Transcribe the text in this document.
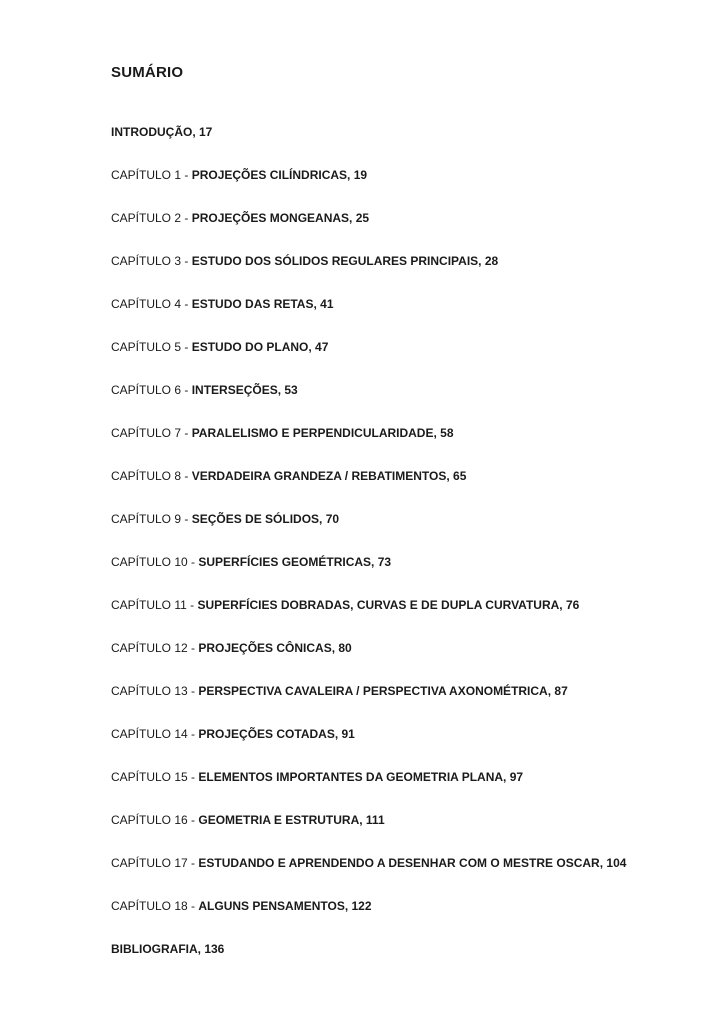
SUMÁRIO
INTRODUÇÃO, 17
CAPÍTULO 1 - PROJEÇÕES CILÍNDRICAS, 19
CAPÍTULO 2 - PROJEÇÕES MONGEANAS, 25
CAPÍTULO 3 - ESTUDO DOS SÓLIDOS REGULARES PRINCIPAIS, 28
CAPÍTULO 4 - ESTUDO DAS RETAS, 41
CAPÍTULO 5 - ESTUDO DO PLANO, 47
CAPÍTULO 6 - INTERSEÇÕES, 53
CAPÍTULO 7 - PARALELISMO E PERPENDICULARIDADE, 58
CAPÍTULO 8 - VERDADEIRA GRANDEZA / REBATIMENTOS, 65
CAPÍTULO 9 - SEÇÕES DE SÓLIDOS, 70
CAPÍTULO 10 - SUPERFÍCIES GEOMÉTRICAS, 73
CAPÍTULO 11 - SUPERFÍCIES DOBRADAS, CURVAS E DE DUPLA CURVATURA, 76
CAPÍTULO 12 - PROJEÇÕES CÔNICAS, 80
CAPÍTULO 13 - PERSPECTIVA CAVALEIRA / PERSPECTIVA AXONOMÉTRICA, 87
CAPÍTULO 14 - PROJEÇÕES COTADAS, 91
CAPÍTULO 15 - ELEMENTOS IMPORTANTES DA GEOMETRIA PLANA, 97
CAPÍTULO 16 - GEOMETRIA E ESTRUTURA, 111
CAPÍTULO 17 - ESTUDANDO E APRENDENDO A DESENHAR COM O MESTRE OSCAR, 104
CAPÍTULO 18 - ALGUNS PENSAMENTOS, 122
BIBLIOGRAFIA, 136
